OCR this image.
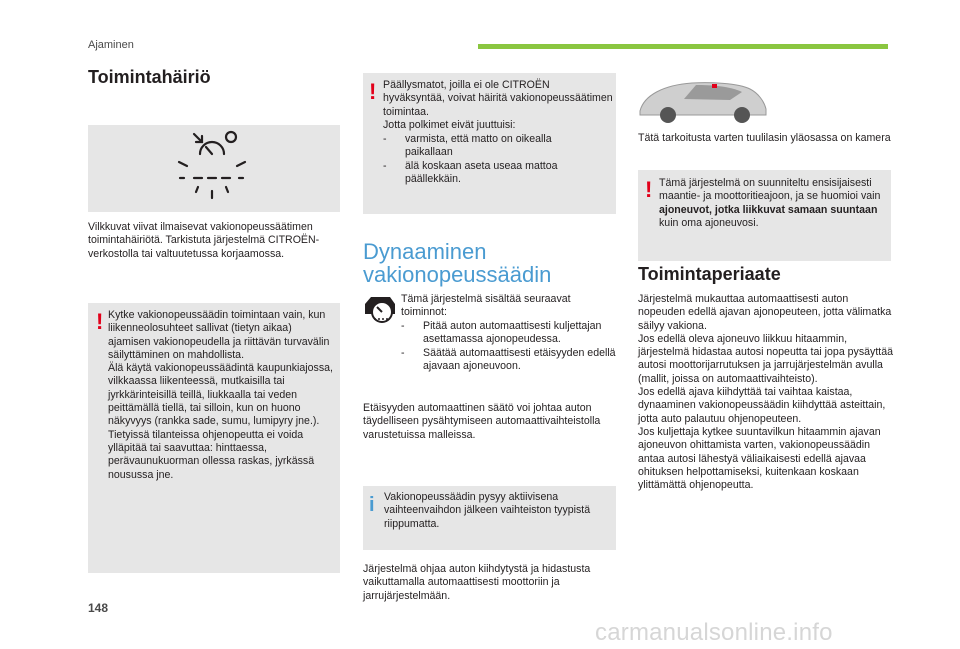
Ajaminen
Toimintahäiriö
Vilkkuvat viivat ilmaisevat vakionopeussäätimen toimintahäiriötä. Tarkistuta järjestelmä CITROËN-verkostolla tai valtuutetussa korjaamossa.
! Kytke vakionopeussäädin toimintaan vain, kun liikenneolosuhteet sallivat (tietyn aikaa) ajamisen vakionopeudella ja riittävän turvavälin säilyttäminen on mahdollista.
Älä käytä vakionopeussäädintä kaupunkiajossa, vilkkaassa liikenteessä, mutkaisilla tai jyrkkärinteisillä teillä, liukkaalla tai veden peittämällä tiellä, tai silloin, kun on huono näkyvyys (rankka sade, sumu, lumipyry jne.).
Tietyissä tilanteissa ohjenopeutta ei voida ylläpitää tai saavuttaa: hinttaessa, perävaunukuorman ollessa raskas, jyrkässä nousussa jne.
! Päällysmatot, joilla ei ole CITROËN hyväksyntää, voivat häiritä vakionopeussäätimen toimintaa.
Jotta polkimet eivät juuttuisi:
- varmista, että matto on oikealla paikallaan
- älä koskaan aseta useaa mattoa päällekkäin.
Dynaaminen
vakionopeussäädin
Tämä järjestelmä sisältää seuraavat toiminnot:
- Pitää auton automaattisesti kuljettajan asettamassa ajonopeudessa.
- Säätää automaattisesti etäisyyden edellä ajavaan ajoneuvoon.
Etäisyyden automaattinen säätö voi johtaa auton täydelliseen pysähtymiseen automaattivaihteistolla varustetuissa malleissa.
i Vakionopeussäädin pysyy aktiivisena vaihteenvaihdon jälkeen vaihteiston tyypistä riippumatta.
Järjestelmä ohjaa auton kiihdytystä ja hidastusta vaikuttamalla automaattisesti moottoriin ja jarrujärjestelmään.
Tätä tarkoitusta varten tuulilasin yläosassa on kamera
! Tämä järjestelmä on suunniteltu ensisijaisesti maantie- ja moottoritieajoon, ja se huomioi vain ajoneuvot, jotka liikkuvat samaan suuntaan kuin oma ajoneuvosi.
Toimintaperiaate
Järjestelmä mukauttaa automaattisesti auton nopeuden edellä ajavan ajonopeuteen, jotta välimatka säilyy vakiona.
Jos edellä oleva ajoneuvo liikkuu hitaammin, järjestelmä hidastaa autosi nopeutta tai jopa pysäyttää autosi moottorijarrutuksen ja jarrujärjestelmän avulla (mallit, joissa on automaattivaihteisto).
Jos edellä ajava kiihdyttää tai vaihtaa kaistaa, dynaaminen vakionopeussäädin kiihdyttää asteittain, jotta auto palautuu ohjenopeuteen.
Jos kuljettaja kytkee suuntavilkun hitaammin ajavan ajoneuvon ohittamista varten, vakionopeussäädin antaa autosi lähestyä väliaikaisesti edellä ajavaa ohituksen helpottamiseksi, kuitenkaan koskaan ylittämättä ohjenopeutta.
148
carmanualsonline.info
